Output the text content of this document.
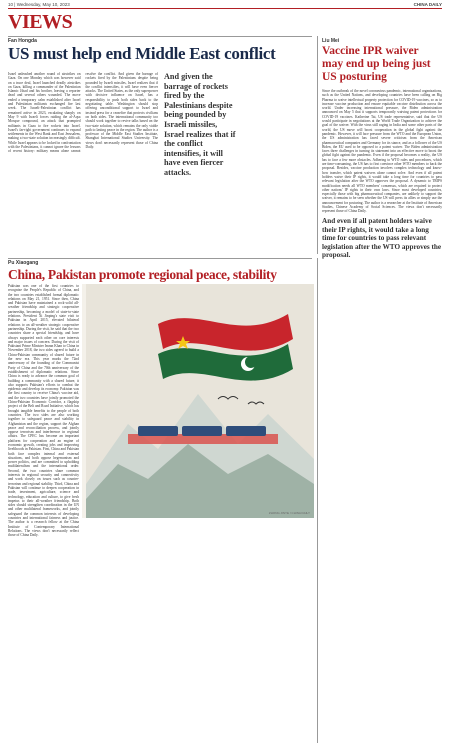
10 | Wednesday, May 10, 2023	CHINA DAILY
VIEWS
Fan Hongda
US must help end Middle East conflict
Israel unleashed another round of airstrikes on Gaza. On one Monday which was however said on a truce deal, Israel launched deadly airstrikes on Gaza, killing a commander of the Palestinian Islamic Jihad and his brother, leaving a reporter dead and several others wounded. The move ended a temporary calm established after Israel and Palestinian militants exchanged fire last week. The Israeli-Palestinian conflict has remained active in 2023, escalating sharply on May 9 with Israeli forces raiding the al-Aqsa Mosque compound, an attack that prompted militants in Gaza to fire rockets into Israel. Israel's far-right government continues to expand settlements in the West Bank and East Jerusalem, making a two-state solution increasingly difficult. While Israel appears to be locked in confrontation with the Palestinians, it cannot ignore the lessons of recent history: military means alone cannot resolve the conflict. And given the barrage of rockets fired by the Palestinians despite being pounded by Israeli missiles, Israel realizes that if the conflict intensifies, it will have even fiercer attacks. The United States, as the only superpower with decisive influence on Israel, has a responsibility to push both sides back to the negotiating table. Washington should stop offering unconditional support to Israel and instead press for a ceasefire that protects civilians on both sides. The international community too should work together to revive talks based on the two-state solution, which remains the only viable path to lasting peace in the region. The author is a professor of the Middle East Studies Institute, Shanghai International Studies University. The views don't necessarily represent those of China Daily.
And given the barrage of rockets fired by the Palestinians despite being pounded by Israeli missiles, Israel realizes that if the conflict intensifies, it will have even fiercer attacks.
Liu Mei
Vaccine IPR waiver may end up being just US posturing
Since the outbreak of the novel coronavirus pandemic, international organizations, such as the United Nations, and developing countries have been calling on Big Pharma to waive intellectual property protection for COVID-19 vaccines, so as to increase vaccine production and ensure equitable vaccine distribution across the world. Under increasing international pressure, the Biden administration announced on May 5 that it supports temporarily waiving patent protections for COVID-19 vaccines. Katherine Tai, US trade representative, said that the US would participate in negotiations at the World Trade Organization to achieve the goal of the waiver. With the virus still raging in India and some other parts of the world, the US move will boost cooperation in the global fight against the pandemic. However, it will face pressure from the WTO and the European Union, the US administration has faced severe criticism from the American pharmaceutical companies and Germany for its stance, and as a follower of the US Biden, the EU used to be opposed to a patent waiver. The Biden administration faces three challenges in turning its statement into an effective move to boost the global fight against the pandemic. Even if the proposal becomes a reality, the US has to face a few more obstacles. Adhering to WTO rules and procedures, which are time-consuming, the US has to first convince other WTO members to back the proposal. Besides, vaccine production involves complex technology and know-how transfer, which patent waivers alone cannot solve. And even if all patent holders waive their IP rights, it would take a long time for countries to pass relevant legislation after the WTO approves the proposal. A dynamic to TRIPS modification needs all WTO members' consensus, which are required to protect other nations' IP rights in their own laws. Since most developed countries, especially those with big pharmaceutical companies, are unlikely to support the waiver, it remains to be seen whether the US will press its allies or simply use the announcement for posturing. The author is a researcher at the Institute of American Studies, Chinese Academy of Social Sciences. The views don't necessarily represent those of China Daily.
And even if all patent holders waive their IP rights, it would take a long time for countries to pass relevant legislation after the WTO approves the proposal.
Pu Xiaogang
China, Pakistan promote regional peace, stability
Pakistan was one of the first countries to recognize the People's Republic of China, and the two countries established formal diplomatic relations on May 21, 1951. Since then, China and Pakistan have maintained a rock-solid all-weather friendship and strategic cooperative partnership, becoming a model of state-to-state relations. President Xi Jinping's state visit to Pakistan in April 2015, elevated bilateral relations to an all-weather strategic cooperative partnership. During the visit, he said that the two countries share a special friendship, and have always supported each other on core interests and major issues of concern. During the visit of Pakistani Prime Minister Imran Khan to China in November 2018, the two sides agreed to build a China-Pakistan community of shared future in the new era. This year marks the 72nd anniversary of the founding of the Communist Party of China and the 70th anniversary of the establishment of diplomatic relations. Since China is ready to advance the common goal of building a community with a shared future, it also supports Pakistan's efforts to combat the epidemic and develop its economy. Pakistan was the first country to receive China's vaccine aid, and the two countries have jointly promoted the China-Pakistan Economic Corridor, a flagship project of the Belt and Road Initiative, which has brought tangible benefits to the people of both countries. The two sides are also working together to safeguard peace and stability in Afghanistan and the region, support the Afghan peace and reconciliation process, and jointly oppose terrorism and interference in regional affairs. The CPEC has become an important platform for cooperation and an engine of economic growth, creating jobs and improving livelihoods in Pakistan. First, China and Pakistan both face complex internal and external situations, and both oppose hegemonism and power politics, and are committed to upholding multilateralism and the international order. Second, the two countries share common interests in regional security and connectivity and work closely on issues such as counter-terrorism and regional stability. Third, China and Pakistan will continue to deepen cooperation in trade, investment, agriculture, science and technology, education and culture, to give fresh impetus to their all-weather friendship. Both sides should strengthen coordination in the UN and other multilateral frameworks, and jointly safeguard the common interests of developing countries and international fairness and justice. The author is a research fellow at the China Institute of Contemporary International Relations. The views don't necessarily reflect those of China Daily.
ZHONG JINYE / CHINA DAILY
